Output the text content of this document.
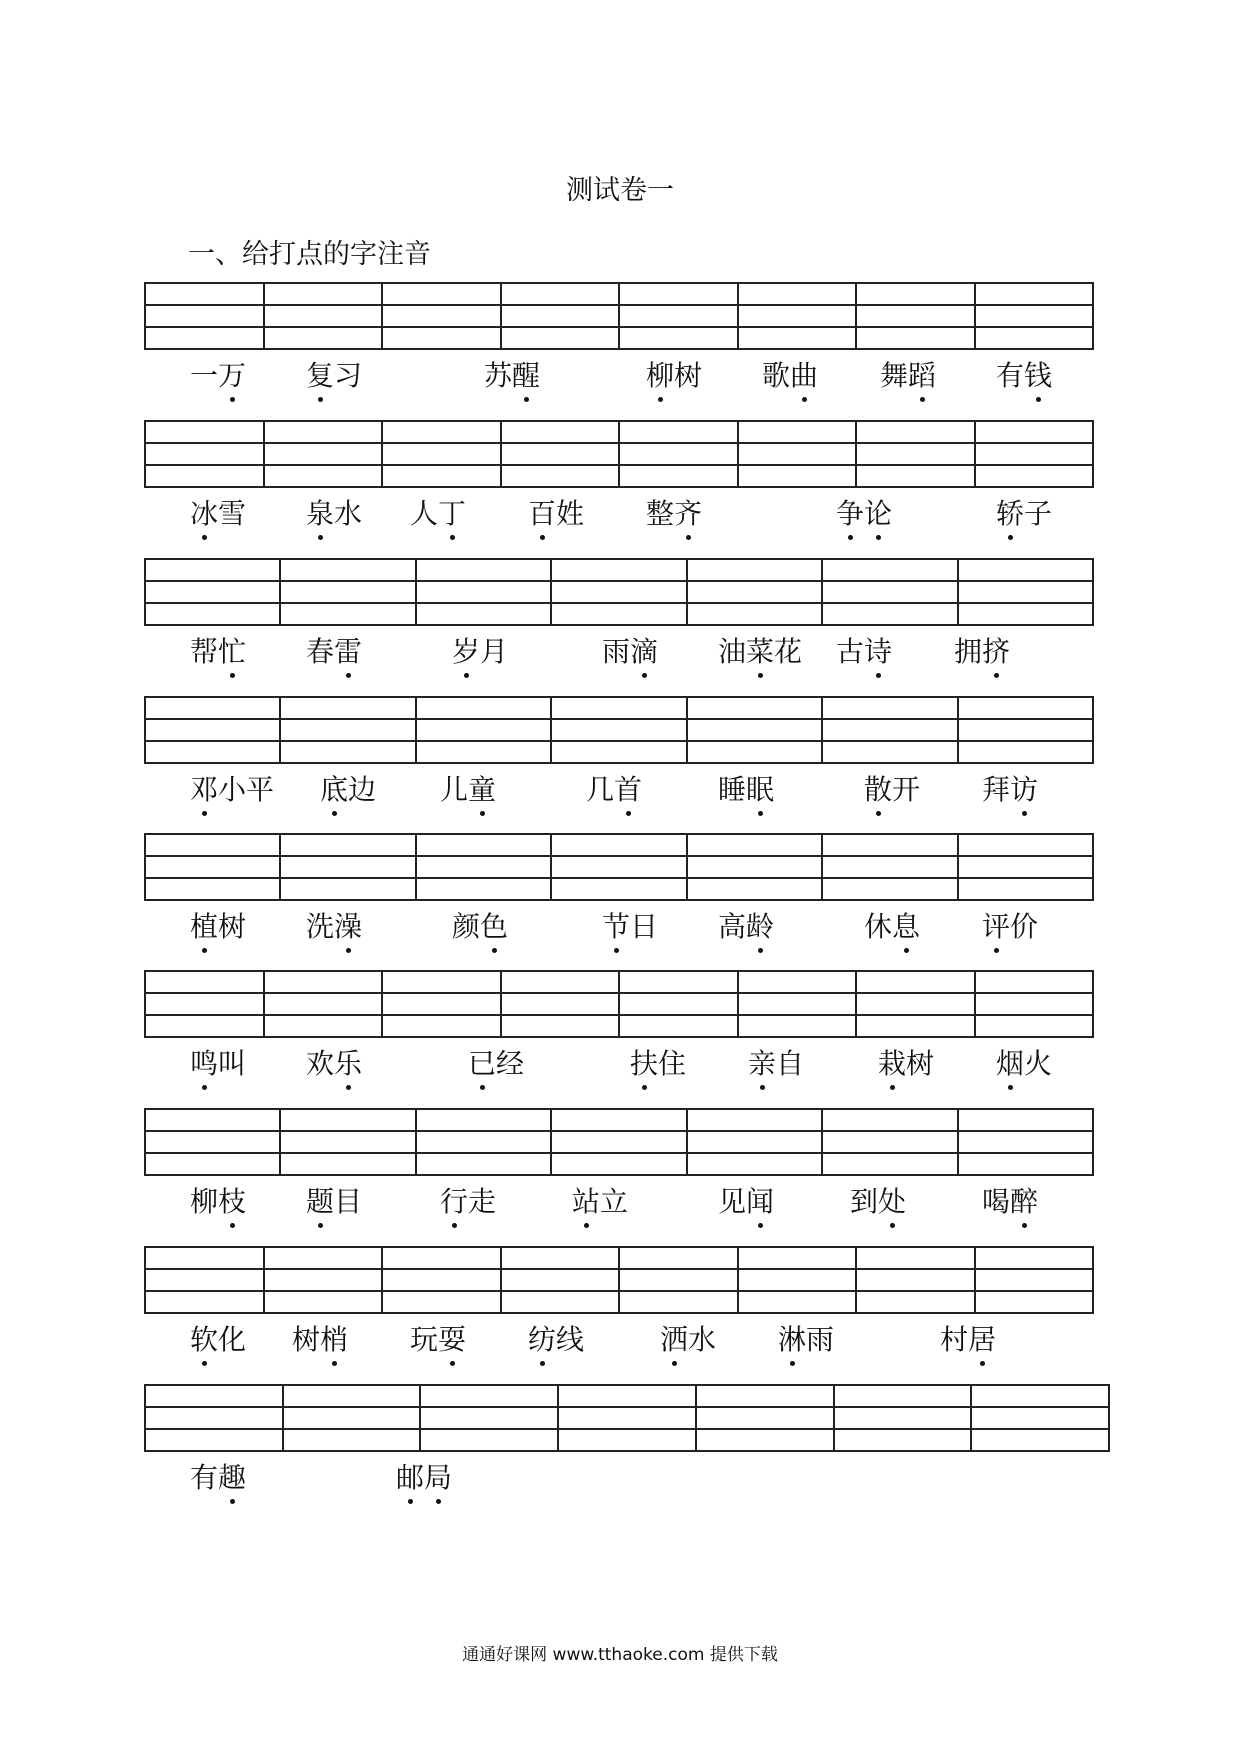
测试卷一
一、给打点的字注音

一万 复习	苏醒	柳树 歌曲 舞蹈 有钱

冰雪 泉水 人丁 百姓 整齐	争论	轿子

帮忙 春雷	岁月	雨滴 油菜花 古诗 拥挤

邓小平 底边 儿童	几首	睡眠	散开 拜访

植树 洗澡	颜色	节日 高龄	休息 评价

鸣叫 欢乐	已经	扶住 亲自	栽树 烟火

柳枝 题目	行走	站立	见闻	到处	喝醉

软化 树梢 玩耍 纺线	洒水 淋雨	村居

有趣	邮局
通通好课网 www.tthaoke.com 提供下载
